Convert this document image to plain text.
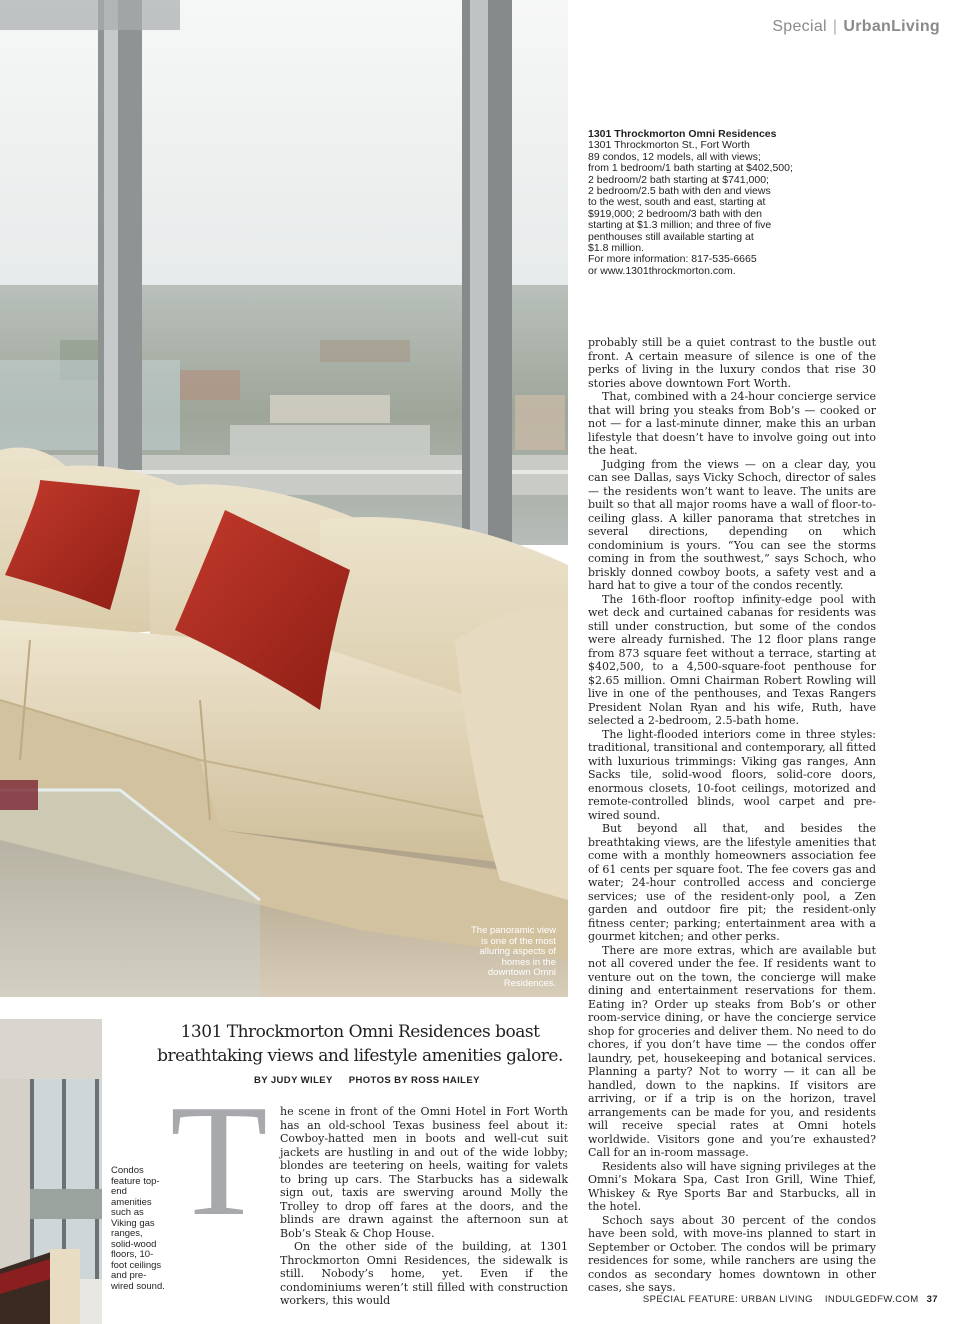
Special | UrbanLiving
The panoramic view is one of the most alluring aspects of homes in the downtown Omni Residences.
Condos feature top-end amenities such as Viking gas ranges, solid-wood floors, 10-foot ceilings and pre-wired sound.
1301 Throckmorton Omni Residences
1301 Throckmorton St., Fort Worth
89 condos, 12 models, all with views;
from 1 bedroom/1 bath starting at $402,500;
2 bedroom/2 bath starting at $741,000;
2 bedroom/2.5 bath with den and views
to the west, south and east, starting at
$919,000; 2 bedroom/3 bath with den
starting at $1.3 million; and three of five
penthouses still available starting at
$1.8 million.
For more information: 817-535-6665
or www.1301throckmorton.com.
1301 Throckmorton Omni Residences boast
breathtaking views and lifestyle amenities galore.
BY JUDY WILEY PHOTOS BY ROSS HAILEY
T he scene in front of the Omni Hotel in Fort Worth has an old-school Texas business feel about it: Cowboy-hatted men in boots and well-cut suit jackets are hustling in and out of the wide lobby; blondes are teetering on heels, waiting for valets to bring up cars. The Starbucks has a sidewalk sign out, taxis are swerving around Molly the Trolley to drop off fares at the doors, and the blinds are drawn against the afternoon sun at Bob’s Steak & Chop House.

On the other side of the building, at 1301 Throckmorton Omni Residences, the sidewalk is still. Nobody’s home, yet. Even if the condominiums weren’t still filled with construction workers, this would

probably still be a quiet contrast to the bustle out front. A certain measure of silence is one of the perks of living in the luxury condos that rise 30 stories above downtown Fort Worth.

That, combined with a 24-hour concierge service that will bring you steaks from Bob’s — cooked or not — for a last-minute dinner, make this an urban lifestyle that doesn’t have to involve going out into the heat.

Judging from the views — on a clear day, you can see Dallas, says Vicky Schoch, director of sales — the residents won’t want to leave. The units are built so that all major rooms have a wall of floor-to-ceiling glass. A killer panorama that stretches in several directions, depending on which condominium is yours. “You can see the storms coming in from the southwest,” says Schoch, who briskly donned cowboy boots, a safety vest and a hard hat to give a tour of the condos recently.

The 16th-floor rooftop infinity-edge pool with wet deck and curtained cabanas for residents was still under construction, but some of the condos were already furnished. The 12 floor plans range from 873 square feet without a terrace, starting at $402,500, to a 4,500-square-foot penthouse for $2.65 million. Omni Chairman Robert Rowling will live in one of the penthouses, and Texas Rangers President Nolan Ryan and his wife, Ruth, have selected a 2-bedroom, 2.5-bath home.

The light-flooded interiors come in three styles: traditional, transitional and contemporary, all fitted with luxurious trimmings: Viking gas ranges, Ann Sacks tile, solid-wood floors, solid-core doors, enormous closets, 10-foot ceilings, motorized and remote-controlled blinds, wool carpet and pre-wired sound.

But beyond all that, and besides the breathtaking views, are the lifestyle amenities that come with a monthly homeowners association fee of 61 cents per square foot. The fee covers gas and water; 24-hour controlled access and concierge services; use of the resident-only pool, a Zen garden and outdoor fire pit; the resident-only fitness center; parking; entertainment area with a gourmet kitchen; and other perks.

There are more extras, which are available but not all covered under the fee. If residents want to venture out on the town, the concierge will make dining and entertainment reservations for them. Eating in? Order up steaks from Bob’s or other room-service dining, or have the concierge service shop for groceries and deliver them. No need to do chores, if you don’t have time — the condos offer laundry, pet, housekeeping and botanical services. Planning a party? Not to worry — it can all be handled, down to the napkins. If visitors are arriving, or if a trip is on the horizon, travel arrangements can be made for you, and residents will receive special rates at Omni hotels worldwide. Visitors gone and you’re exhausted? Call for an in-room massage.

Residents also will have signing privileges at the Omni’s Mokara Spa, Cast Iron Grill, Wine Thief, Whiskey & Rye Sports Bar and Starbucks, all in the hotel.

Schoch says about 30 percent of the condos have been sold, with move-ins planned to start in September or October. The condos will be primary residences for some, while ranchers are using the condos as secondary homes downtown in other cases, she says.

SPECIAL FEATURE: URBAN LIVING INDULGEDFW.COM 37
